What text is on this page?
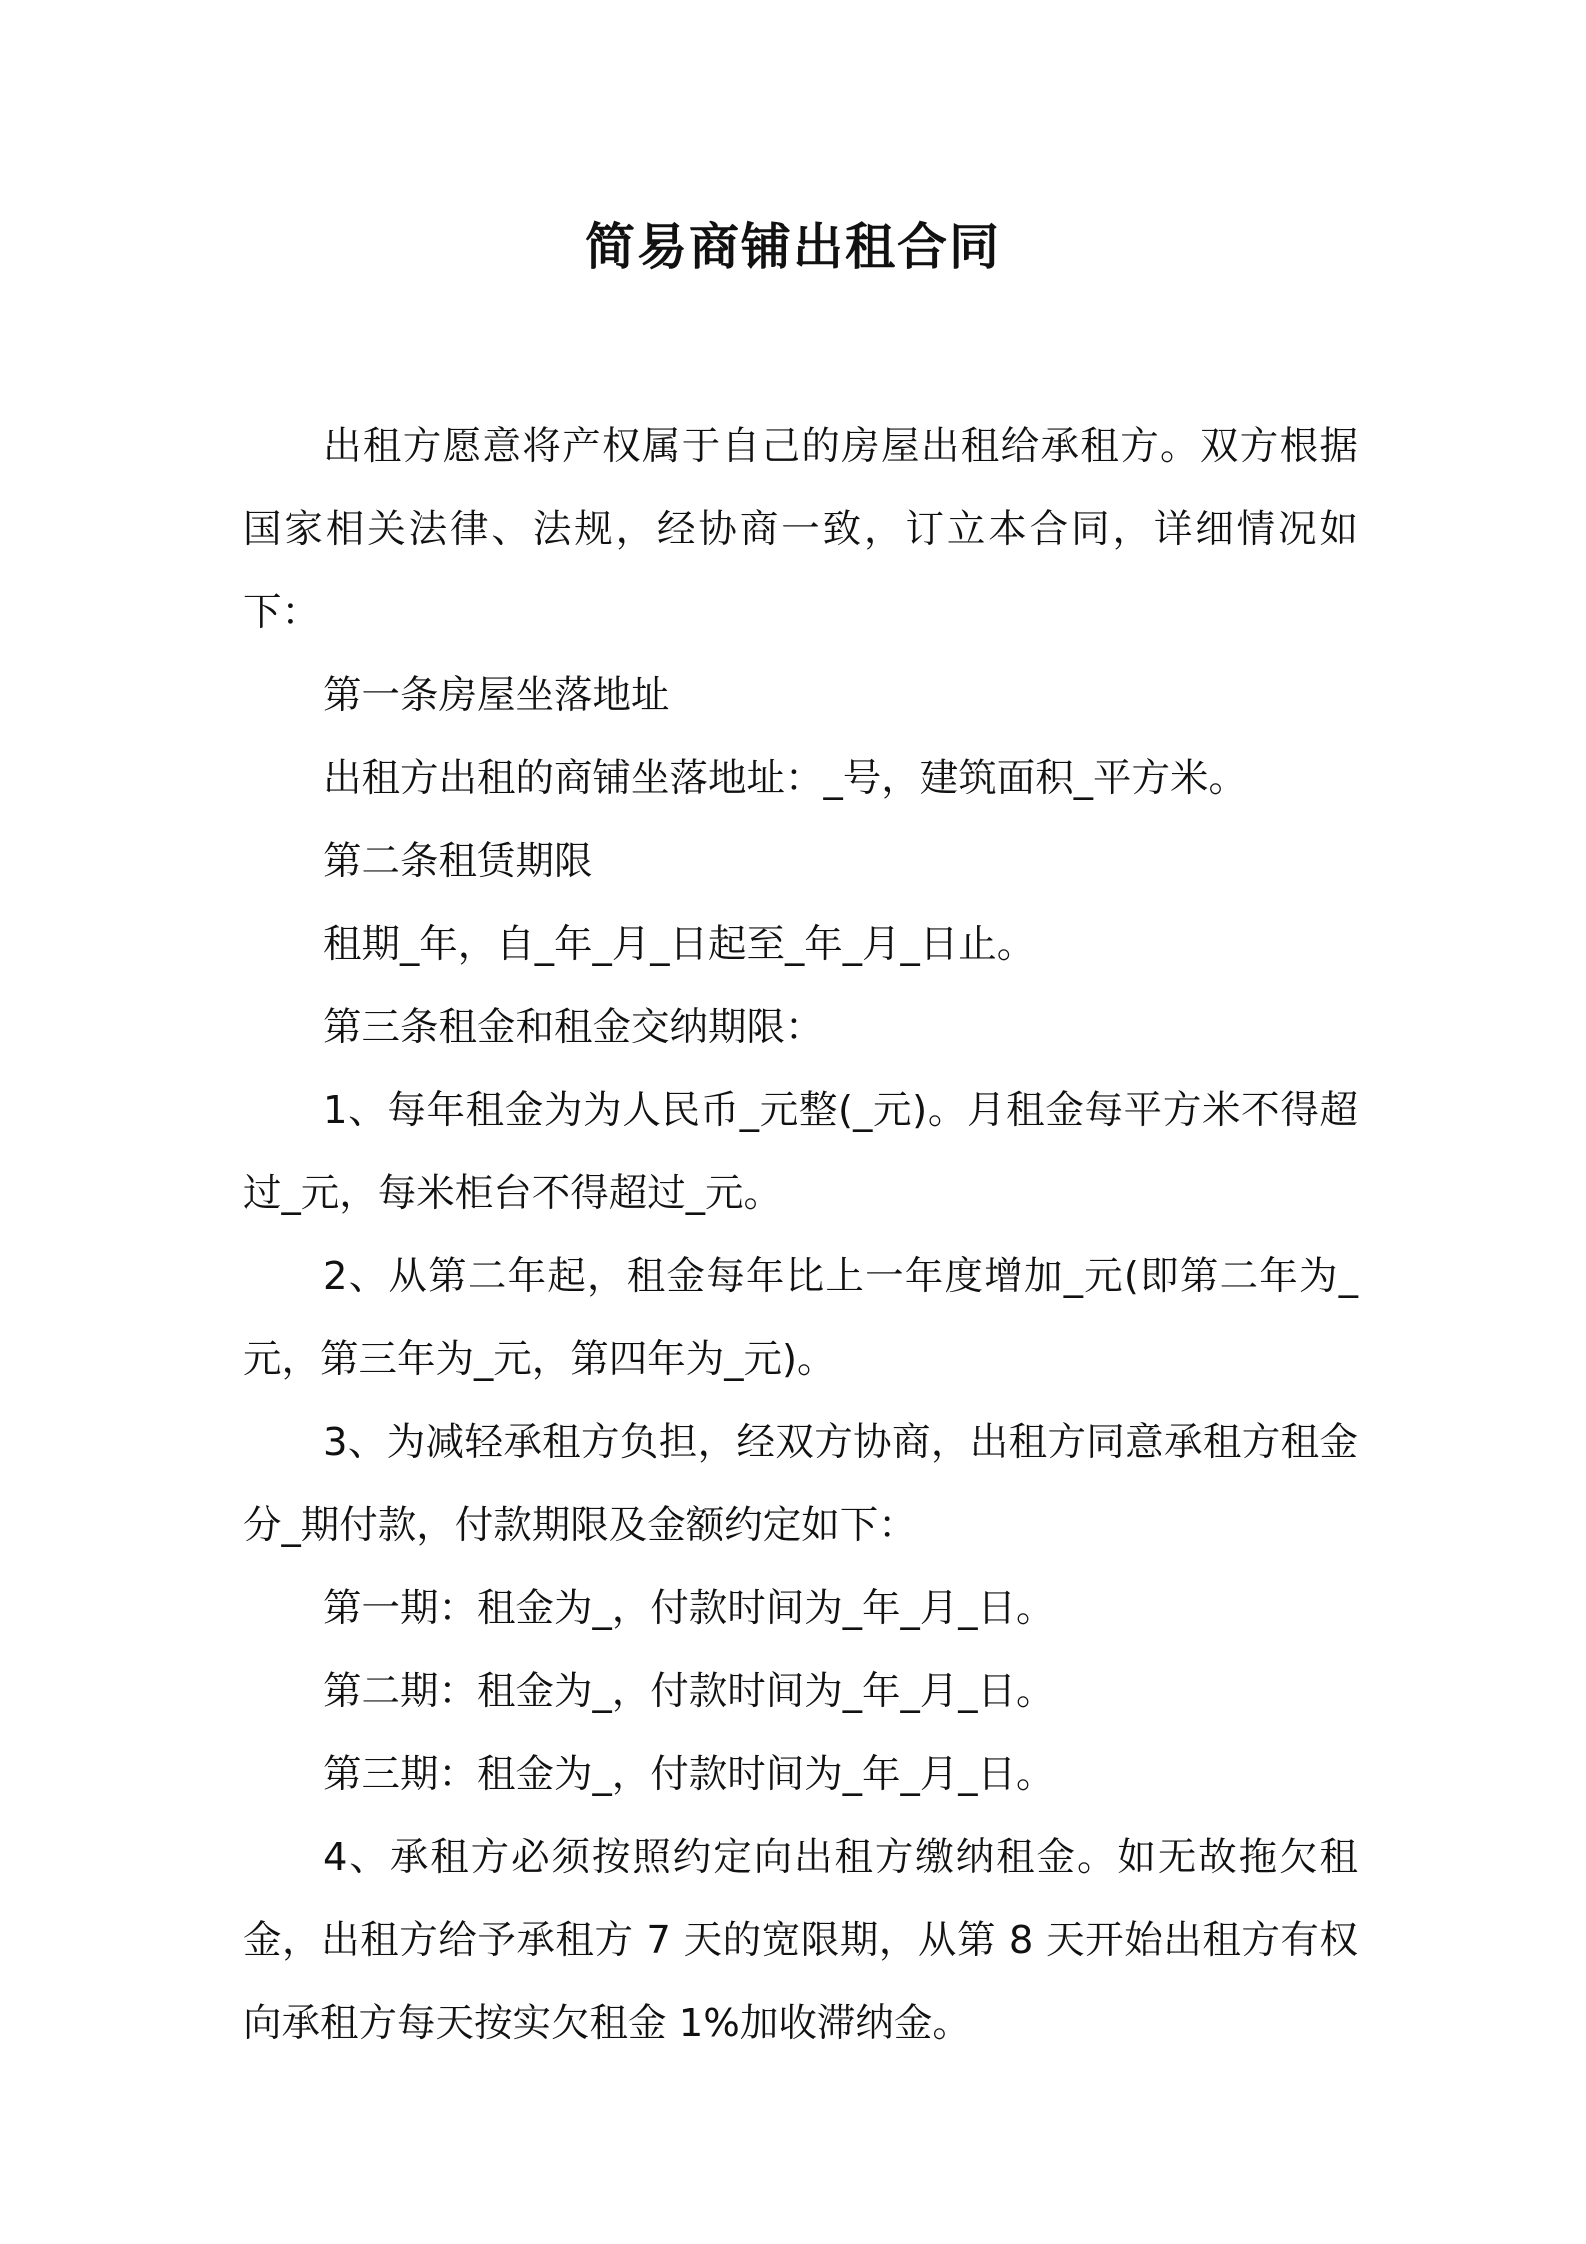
简易商铺出租合同

出租方愿意将产权属于自己的房屋出租给承租方。双方根据国家相关法律、法规，经协商一致，订立本合同，详细情况如下：

第一条房屋坐落地址

出租方出租的商铺坐落地址：_号，建筑面积_平方米。

第二条租赁期限

租期_年，自_年_月_日起至_年_月_日止。

第三条租金和租金交纳期限：

1、每年租金为为人民币_元整(_元)。月租金每平方米不得超过_元，每米柜台不得超过_元。

2、从第二年起，租金每年比上一年度增加_元(即第二年为_元，第三年为_元，第四年为_元)。

3、为减轻承租方负担，经双方协商，出租方同意承租方租金分_期付款，付款期限及金额约定如下：

第一期：租金为_，付款时间为_年_月_日。

第二期：租金为_，付款时间为_年_月_日。

第三期：租金为_，付款时间为_年_月_日。

4、承租方必须按照约定向出租方缴纳租金。如无故拖欠租金，出租方给予承租方 7 天的宽限期，从第 8 天开始出租方有权向承租方每天按实欠租金 1%加收滞纳金。
